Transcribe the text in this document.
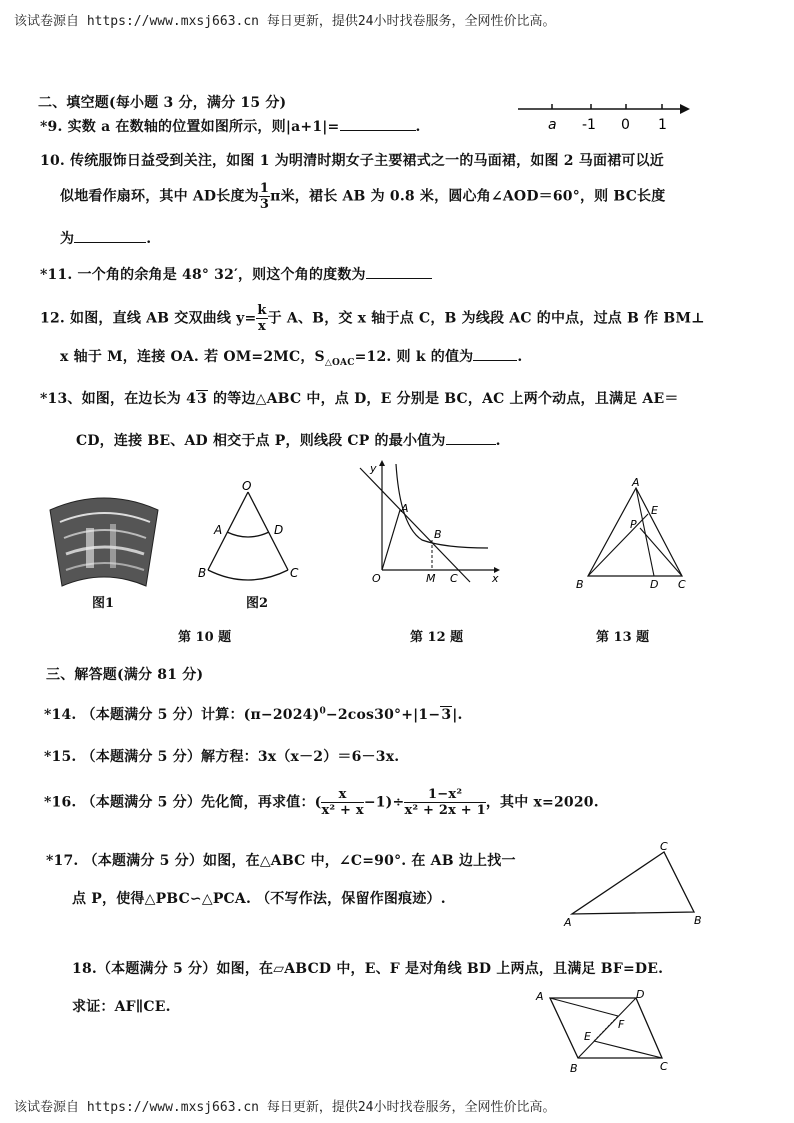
该试卷源自 https://www.mxsj663.cn 每日更新，提供24小时找卷服务，全网性价比高。
二、填空题(每小题 3 分，满分 15 分)
*9. 实数 a 在数轴的位置如图所示，则|a+1|=	.	a -1 0 1
10. 传统服饰日益受到关注，如图 1 为明清时期女子主要裙式之一的马面裙，如图 2 马面裙可以近
似地看作扇环，其中 AD长度为 $\frac{1}{3}$ π米，裙长 AB 为 0.8 米，圆心角∠AOD＝60°，则 BC长度
为	.
*11. 一个角的余角是 48° 32′，则这个角的度数为
12. 如图，直线 AB 交双曲线 $y= \frac{k}{x}$ 于 A、B，交 x 轴于点 C，B 为线段 AC 的中点，过点 B 作 BM⊥
x 轴于 M，连接 OA. 若 OM=2MC，$S_{\triangle OAC}=12$. 则 k 的值为	.
*13、如图，在边长为 43 的等边△ABC 中，点 D，E 分别是 BC，AC 上两个动点，且满足 AE＝
CD，连接 BE、AD 相交于点 P，则线段 CP 的最小值为	.
图1
O
A	D
B	C
图2
第 10 题
y
A
B
O	M C	x
第 12 题
A
P
E
B	D C
第 13 题
三、解答题(满分 81 分)
*14. （本题满分 5 分）计算：$(\pi-2024)^0-2\cos 30^\circ+|1-3|$.
*15. （本题满分 5 分）解方程：3x（x－2）＝6－3x.
*16. （本题满分 5 分）先化简，再求值：( $\frac{x}{\text{x² + x}} -1)\div \frac{\text{1−x²}}{\text{x² + 2x + 1}}$ ，其中 x=2020.
*17. （本题满分 5 分）如图，在△ABC 中，∠C=90°. 在 AB 边上找一
点 P，使得△PBC∽△PCA. （不写作法，保留作图痕迹）.
C
A	B
18.（本题满分 5 分）如图，在▱ABCD 中，E、F 是对角线 BD 上两点，且满足 BF=DE.
求证：AF∥CE.
A	D
F
E
B	C
该试卷源自 https://www.mxsj663.cn 每日更新，提供24小时找卷服务，全网性价比高。
